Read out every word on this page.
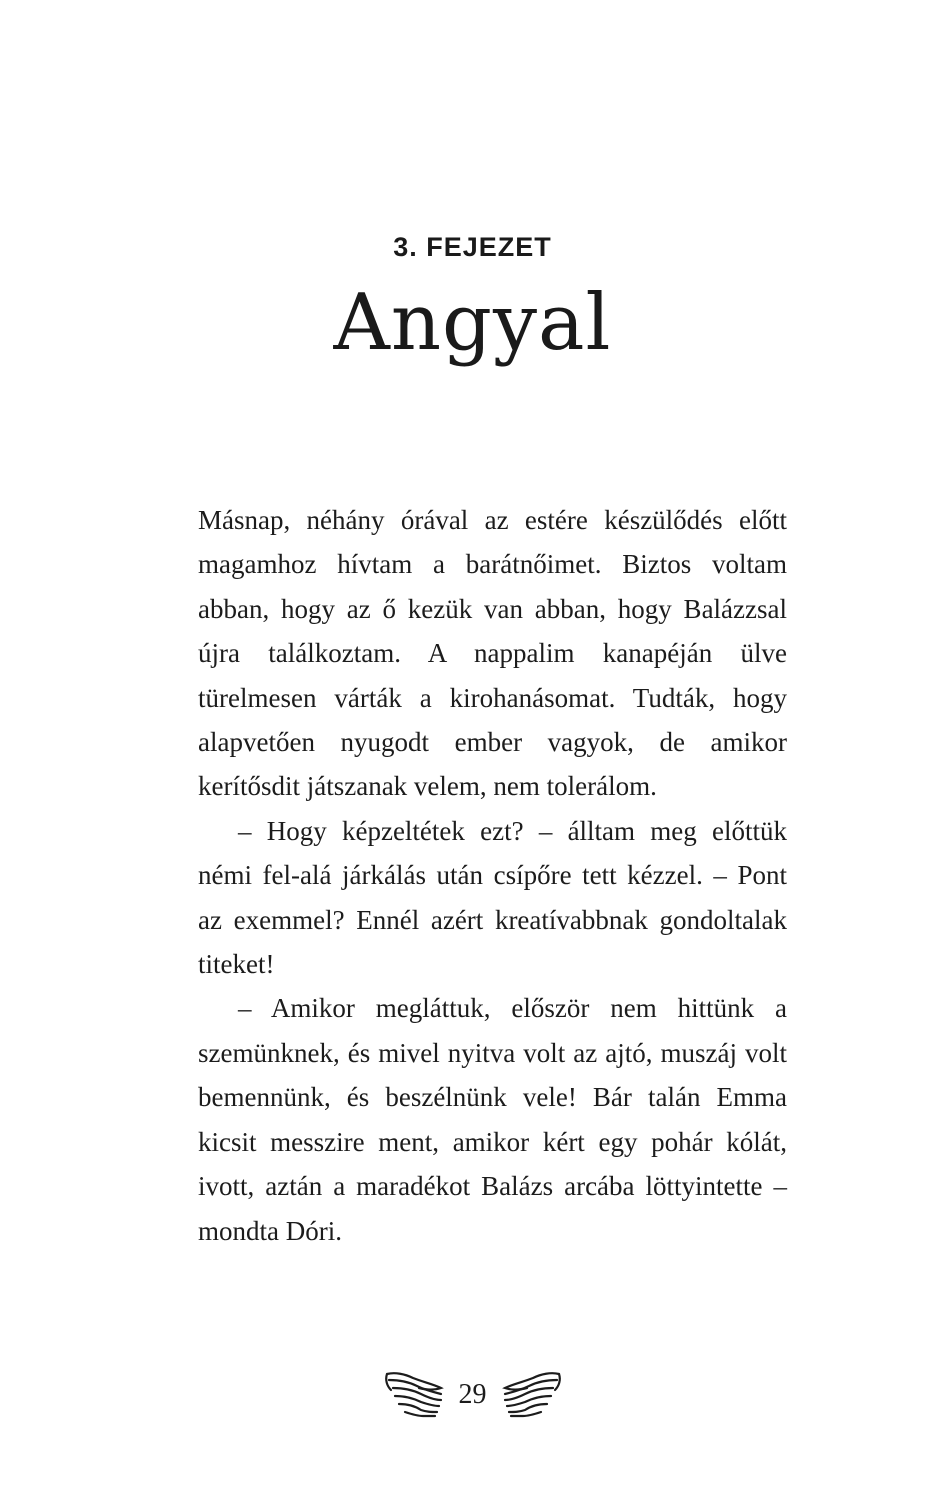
3. FEJEZET
Angyal

Másnap, néhány órával az estére készülődés előtt magamhoz hívtam a barátnőimet. Biztos voltam abban, hogy az ő kezük van abban, hogy Balázzsal újra találkoztam. A nappalim kanapéján ülve türelmesen várták a kirohanásomat. Tudták, hogy alapvetően nyugodt ember vagyok, de amikor kerítősdit játszanak velem, nem tolerálom.

– Hogy képzeltétek ezt? – álltam meg előttük némi fel-alá járkálás után csípőre tett kézzel. – Pont az exemmel? Ennél azért kreatívabbnak gondoltalak titeket!

– Amikor megláttuk, először nem hittünk a szemünknek, és mivel nyitva volt az ajtó, muszáj volt bemennünk, és beszélnünk vele! Bár talán Emma kicsit messzire ment, amikor kért egy pohár kólát, ivott, aztán a maradékot Balázs arcába löttyintette – mondta Dóri.

29
